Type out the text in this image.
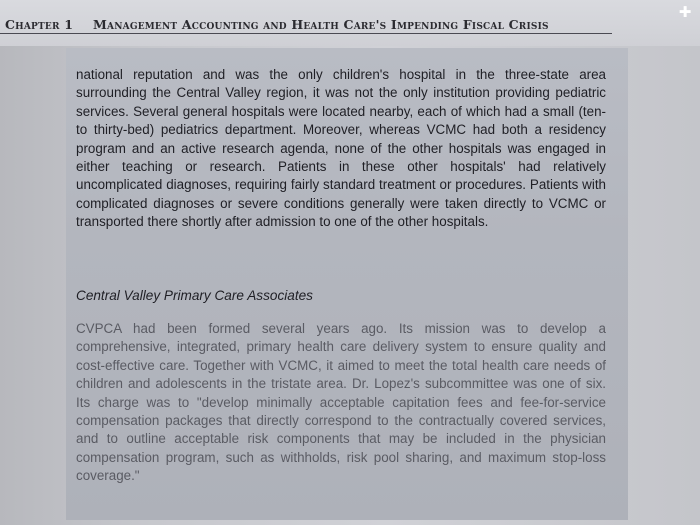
Chapter 1	Management Accounting and Health Care's Impending Fiscal Crisis
✚

national reputation and was the only children's hospital in the three-state area surrounding the Central Valley region, it was not the only institution providing pediatric services. Several general hospitals were located nearby, each of which had a small (ten- to thirty-bed) pediatrics department. Moreover, whereas VCMC had both a residency program and an active research agenda, none of the other hospitals was engaged in either teaching or research. Patients in these other hospitals' had relatively uncomplicated diagnoses, requiring fairly standard treatment or procedures. Patients with complicated diagnoses or severe conditions generally were taken directly to VCMC or transported there shortly after admission to one of the other hospitals.

Central Valley Primary Care Associates

CVPCA had been formed several years ago. Its mission was to develop a comprehensive, integrated, primary health care delivery system to ensure quality and cost-effective care. Together with VCMC, it aimed to meet the total health care needs of children and adolescents in the tristate area. Dr. Lopez's subcommittee was one of six. Its charge was to "develop minimally acceptable capitation fees and fee-for-service compensation packages that directly correspond to the contractually covered services, and to outline acceptable risk components that may be included in the physician compensation program, such as withholds, risk pool sharing, and maximum stop-loss coverage."
